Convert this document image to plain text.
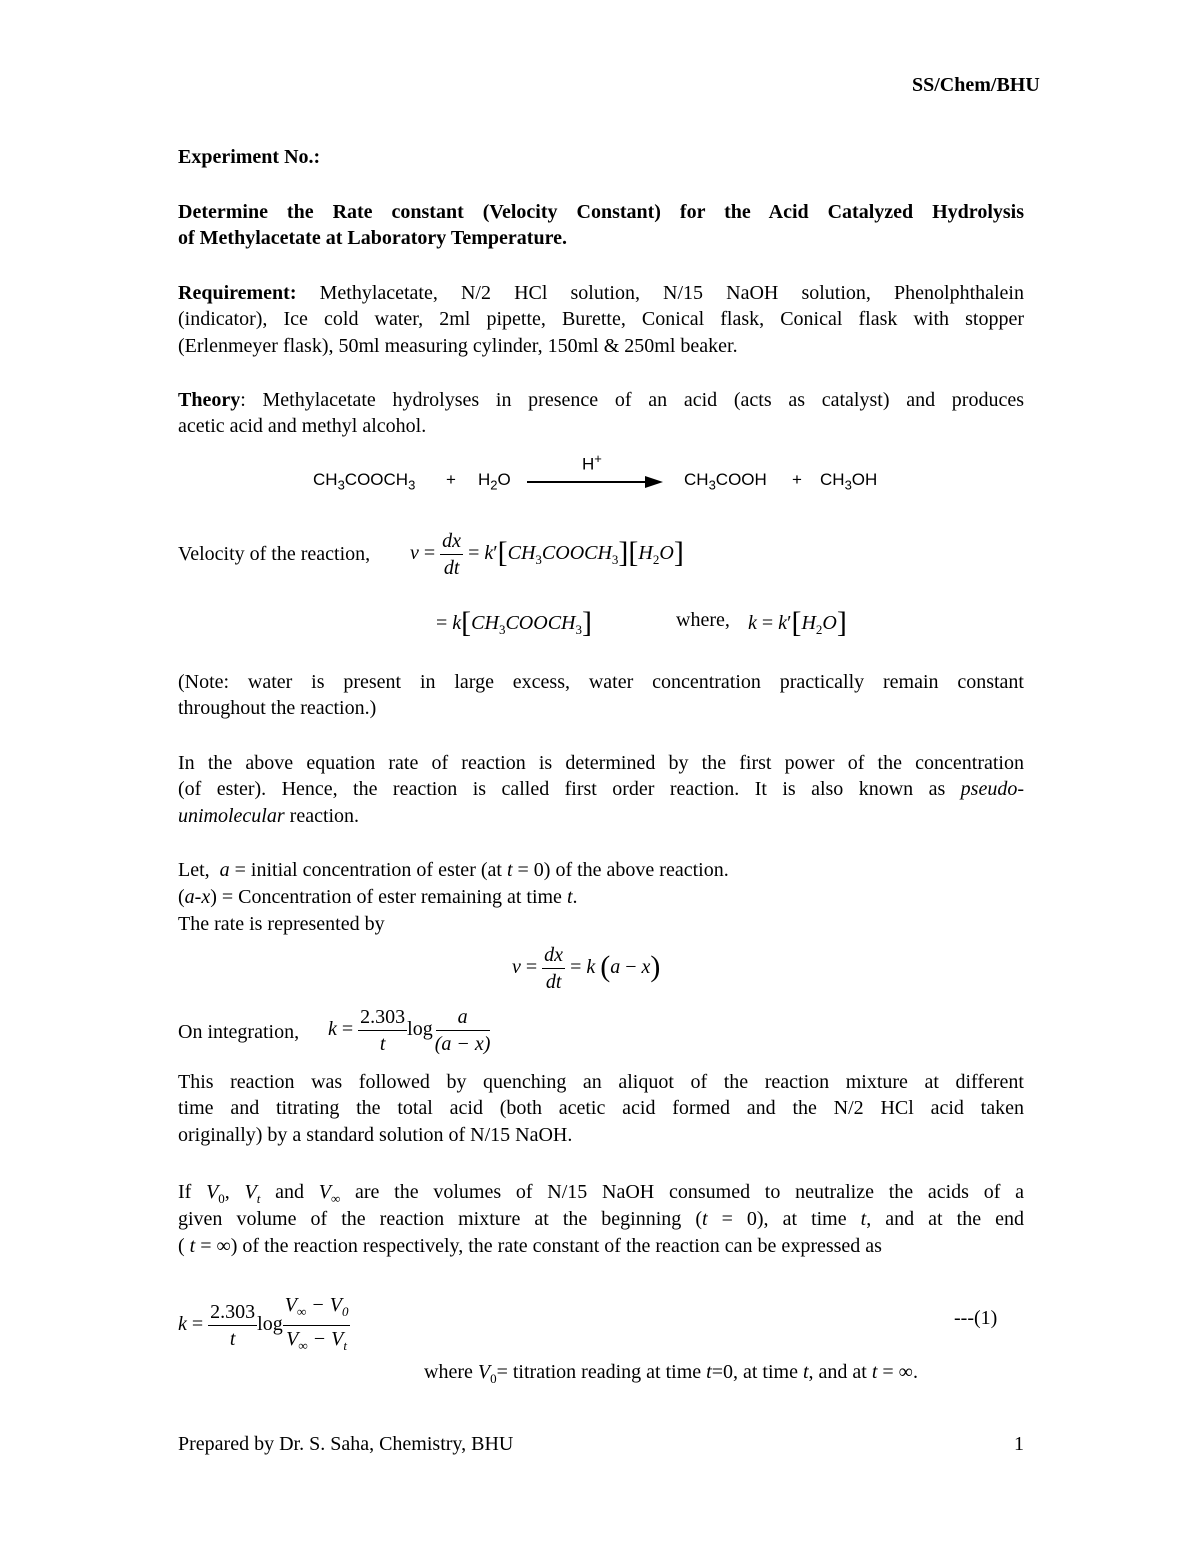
SS/Chem/BHU
Experiment No.:
Determine the Rate constant (Velocity Constant) for the Acid Catalyzed Hydrolysis
of Methylacetate at Laboratory Temperature.
Requirement: Methylacetate, N/2 HCl solution, N/15 NaOH solution, Phenolphthalein
(indicator), Ice cold water, 2ml pipette, Burette, Conical flask, Conical flask with stopper
(Erlenmeyer flask), 50ml measuring cylinder, 150ml & 250ml beaker.
Theory: Methylacetate hydrolyses in presence of an acid (acts as catalyst) and produces
acetic acid and methyl alcohol.
H+
$CH_3COOCH_3 + H_2O$	$CH_3COOH + CH_3OH$
Velocity of the reaction, $v = \frac{dx}{dt}$ = $k'[CH_3COOCH_3][H_2O]$
= $k[CH_3COOCH_3]$	where, $k = k'[H_2O]$
(Note: water is present in large excess, water concentration practically remain constant
throughout the reaction.)
In the above equation rate of reaction is determined by the first power of the concentration
(of ester). Hence, the reaction is called first order reaction. It is also known as pseudo-
unimolecular reaction.
Let, a = initial concentration of ester (at t = 0) of the above reaction.
(a-x) = Concentration of ester remaining at time t.
The rate is represented by
$v = \frac{dx}{dt} = k$ (a − x)
On integration, $k = \frac{2.303}{t}$ $\log \frac{a}{(a - x)}$
This reaction was followed by quenching an aliquot of the reaction mixture at different
time and titrating the total acid (both acetic acid formed and the N/2 HCl acid taken
originally) by a standard solution of N/15 NaOH.
If $V_0$, $V_t$ and $V_\infty$ are the volumes of N/15 NaOH consumed to neutralize the acids of a
given volume of the reaction mixture at the beginning (t = 0), at time t, and at the end
( t = ∞) of the reaction respectively, the rate constant of the reaction can be expressed as
$k = \frac{2.303}{t}$ $\log \frac{V_\infty - V_0}{V_\infty - V_t}$	---(1)
where $V_0=$ titration reading at time t=0, at time t, and at t = ∞.
Prepared by Dr. S. Saha, Chemistry, BHU	1
